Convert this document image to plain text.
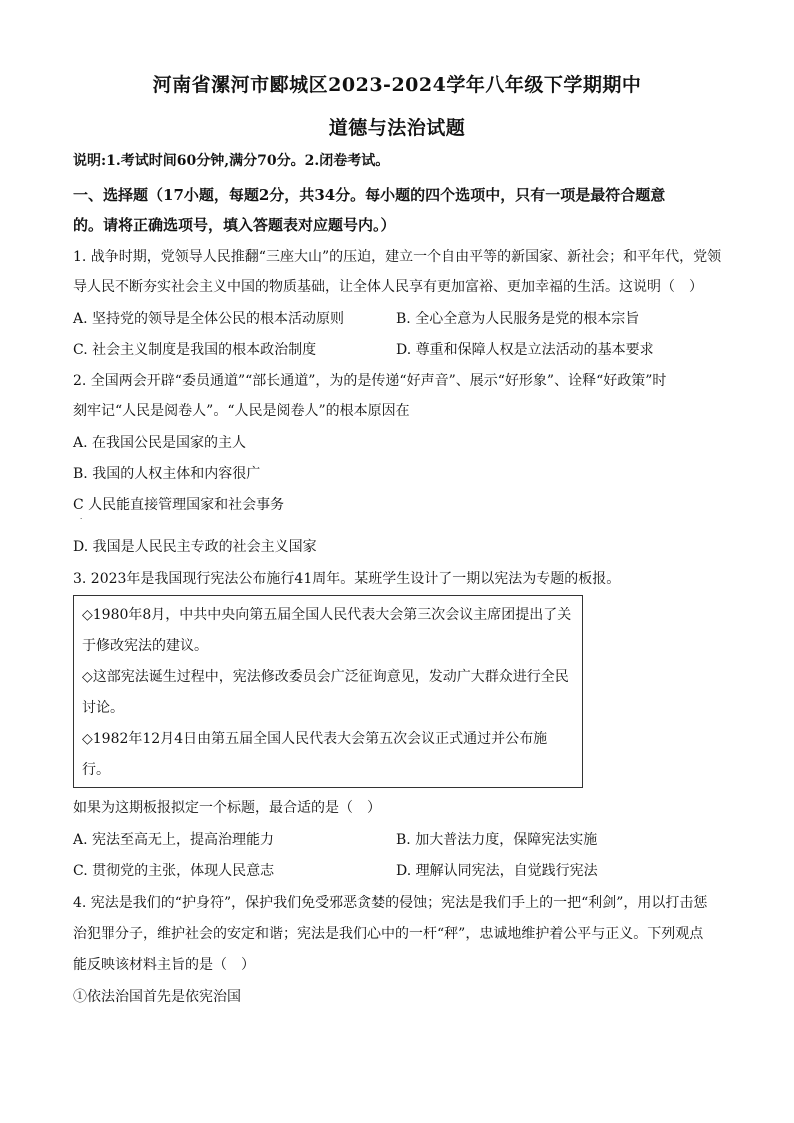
河南省漯河市郾城区2023-2024学年八年级下学期期中
道德与法治试题
说明:1.考试时间60分钟,满分70分。2.闭卷考试。
一、选择题（17小题，每题2分，共34分。每小题的四个选项中，只有一项是最符合题意
的。请将正确选项号，填入答题表对应题号内。）
1. 战争时期，党领导人民推翻“三座大山”的压迫，建立一个自由平等的新国家、新社会；和平年代，党领
导人民不断夯实社会主义中国的物质基础，让全体人民享有更加富裕、更加幸福的生活。这说明（　）
A. 坚持党的领导是全体公民的根本活动原则	B. 全心全意为人民服务是党的根本宗旨
C. 社会主义制度是我国的根本政治制度	D. 尊重和保障人权是立法活动的基本要求
2. 全国两会开辟“委员通道”“部长通道”，为的是传递“好声音”、展示“好形象”、诠释“好政策”时
刻牢记“人民是阅卷人”。“人民是阅卷人”的根本原因在
A. 在我国公民是国家的主人
B. 我国的人权主体和内容很广
C 人民能直接管理国家和社会事务
.
D. 我国是人民民主专政的社会主义国家
3. 2023年是我国现行宪法公布施行41周年。某班学生设计了一期以宪法为专题的板报。
◇1980年8月，中共中央向第五届全国人民代表大会第三次会议主席团提出了关
于修改宪法的建议。
◇这部宪法诞生过程中，宪法修改委员会广泛征询意见，发动广大群众进行全民
讨论。
◇1982年12月4日由第五届全国人民代表大会第五次会议正式通过并公布施
行。
如果为这期板报拟定一个标题，最合适的是（　）
A. 宪法至高无上，提高治理能力	B. 加大普法力度，保障宪法实施
C. 贯彻党的主张，体现人民意志	D. 理解认同宪法，自觉践行宪法
4. 宪法是我们的“护身符”，保护我们免受邪恶贪婪的侵蚀；宪法是我们手上的一把“利剑”，用以打击惩
治犯罪分子，维护社会的安定和谐；宪法是我们心中的一杆“秤”，忠诚地维护着公平与正义。下列观点
能反映该材料主旨的是（　）
①依法治国首先是依宪治国
